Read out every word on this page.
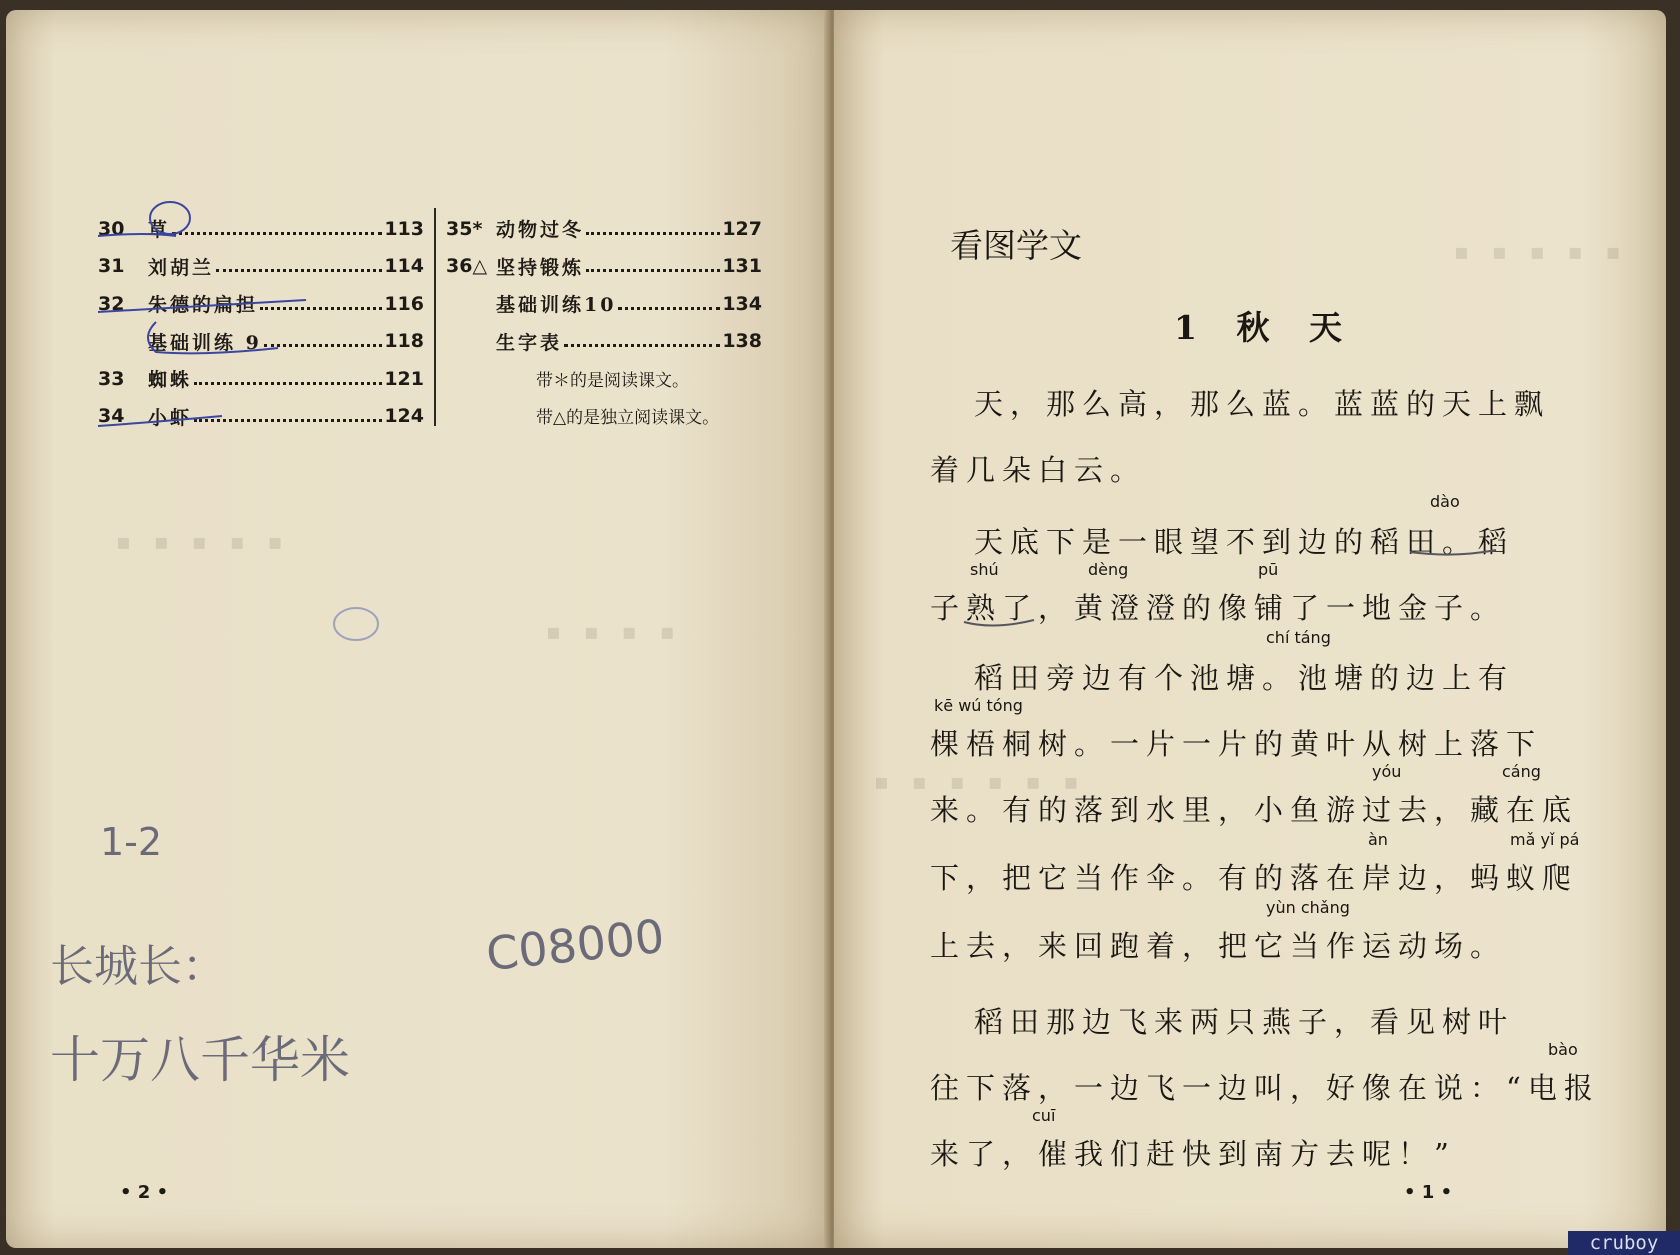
▪ ▪ ▪ ▪ ▪
▪ ▪ ▪ ▪
30	草	113
31	刘胡兰	114
32	朱德的扁担	116
基础训练 9	118
33	蜘蛛	121
34	小虾	124
35* 动物过冬	127
36△ 坚持锻炼	131
基础训练10	134
生字表	138
带＊的是阅读课文。
带△的是独立阅读课文。
长城长：
十万八千华米
C08000
1-2
• 2 •
▪ ▪ ▪ ▪ ▪
▪ ▪ ▪ ▪ ▪ ▪
看图学文
1 秋 天
天，那么高，那么蓝。蓝蓝的天上飘
着几朵白云。
dào
天底下是一眼望不到边的稻田。稻
shú	dèng	pū
子熟了，黄澄澄的像铺了一地金子。
chí táng
稻田旁边有个池塘。池塘的边上有
kē wú tóng
棵梧桐树。一片一片的黄叶从树上落下
yóu	cáng
来。有的落到水里，小鱼游过去，藏在底
àn	mǎ yǐ pá
下，把它当作伞。有的落在岸边，蚂蚁爬
yùn chǎng
上去，来回跑着，把它当作运动场。
稻田那边飞来两只燕子，看见树叶
bào
往下落，一边飞一边叫，好像在说：“电报
cuī
来了，催我们赶快到南方去呢！”
• 1 •
cruboy
